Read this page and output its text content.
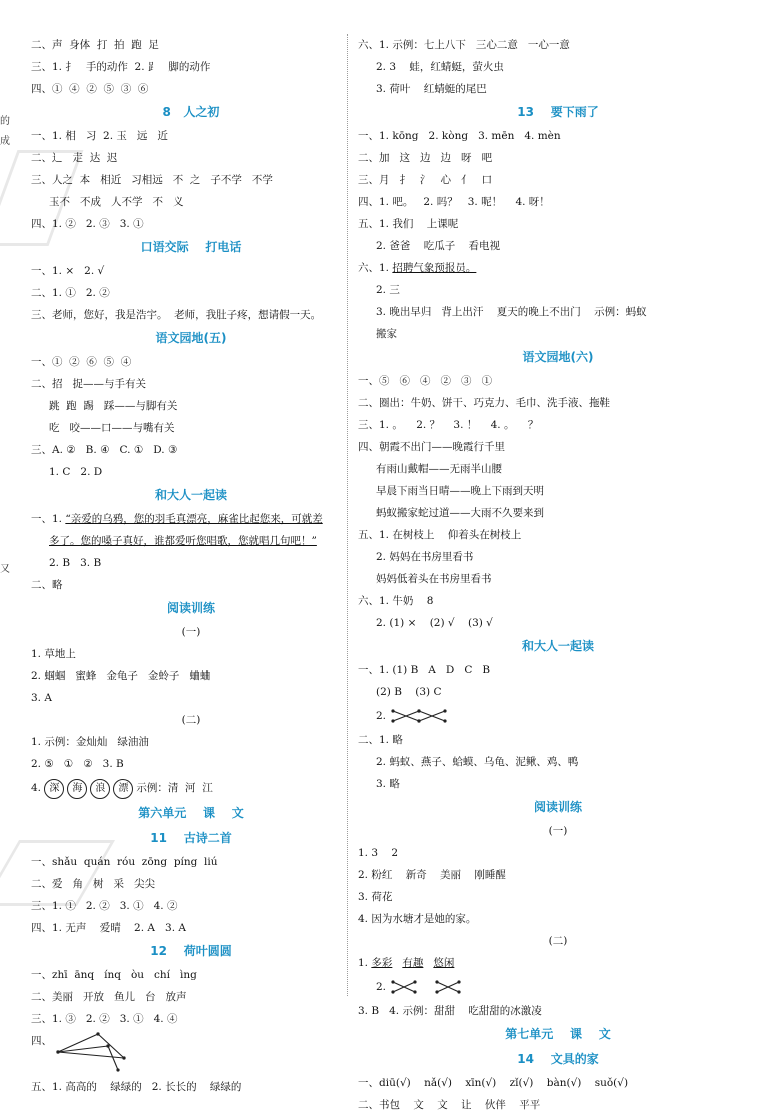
的
成
又
二、声  身体  打  拍  跑  足
三、1. 扌   手的动作  2. ⻊   脚的动作
四、①  ④  ②  ⑤  ③  ⑥
8   人之初
一、1. 相   习  2. 玉   远   近
二、辶   走  达  迟
三、人之  本   相近   习相远   不  之   子不学   不学
玉不   不成   人不学   不   义
四、1. ②   2. ③   3. ①
口语交际    打电话
一、1. ×   2. √
二、1. ①   2. ②
三、老师，您好，我是浩宇。  老师，我肚子疼，想请假一天。
语文园地(五)
一、①  ②  ⑥  ⑤  ④
二、招   捉——与手有关
跳  跑  踢   踩——与脚有关
吃   咬——口——与嘴有关
三、A. ②   B. ④   C. ①   D. ③
1. C   2. D
和大人一起读
一、1. “亲爱的乌鸦，您的羽毛真漂亮，麻雀比起您来，可就差
多了。您的嗓子真好，谁都爱听您唱歌，您就唱几句吧！”
2. B   3. B
二、略
阅读训练
(一)
1. 草地上
2. 蝈蝈   蜜蜂   金龟子   金蛉子   蛐蛐
3. A
(二)
1. 示例：金灿灿   绿油油
2. ⑤   ①   ②   3. B
4. 深 海 浪 漂 示例：清  河  江
第六单元    课    文
11    古诗二首
一、shǎu  quán  róu  zōng  píng  liú
二、爱   角   树   采   尖尖
三、1. ①   2. ②   3. ①   4. ②
四、1. 无声    爱晴    2. A   3. A
12    荷叶圆圆
一、zhī  ānq   ínq   òu   chí   ìng
二、美丽   开放   鱼儿   台   放声
三、1. ③   2. ②   3. ①   4. ④
四、
五、1. 高高的    绿绿的   2. 长长的    绿绿的
六、1. 示例：七上八下   三心二意   一心一意
2. 3    蛙，红蜻蜓，萤火虫
3. 荷叶    红蜻蜓的尾巴
13    要下雨了
一、1. kōng   2. kòng   3. mēn   4. mèn
二、加   这   边   边   呀   吧
三、月   扌   氵   心   亻   口
四、1. 吧。   2. 吗？   3. 呢！    4. 呀！
五、1. 我们    上课呢
2. 爸爸    吃瓜子    看电视
六、1. 招聘气象预报员。
2. 三
3. 晚出早归   背上出汗    夏天的晚上不出门    示例：蚂蚁
搬家
语文园地(六)
一、⑤   ⑥   ④   ②   ③   ①
二、圈出：牛奶、饼干、巧克力、毛巾、洗手液、拖鞋
三、1. 。    2. ？    3. ！    4. 。    ？
四、朝霞不出门——晚霞行千里
有雨山戴帽——无雨半山腰
早晨下雨当日晴——晚上下雨到天明
蚂蚁搬家蛇过道——大雨不久要来到
五、1. 在树枝上    仰着头在树枝上
2. 妈妈在书房里看书
妈妈低着头在书房里看书
六、1. 牛奶    8
2. (1) ×    (2) √    (3) √
和大人一起读
一、1. (1) B   A   D   C   B
(2) B    (3) C
2.
二、1. 略
2. 蚂蚁、燕子、蛤蟆、乌龟、泥鳅、鸡、鸭
3. 略
阅读训练
(一)
1. 3    2
2. 粉红    新奇    美丽    刚睡醒
3. 荷花
4. 因为水塘才是她的家。
(二)
1. 多彩 有趣 悠闲
2.
3. B   4. 示例：甜甜    吃甜甜的冰激凌
第七单元    课    文
14    文具的家
一、diū(√)    nǎ(√)    xīn(√)    zǐ(√)    bàn(√)    suǒ(√)
二、书包    文    文    让    伙伴    平平
